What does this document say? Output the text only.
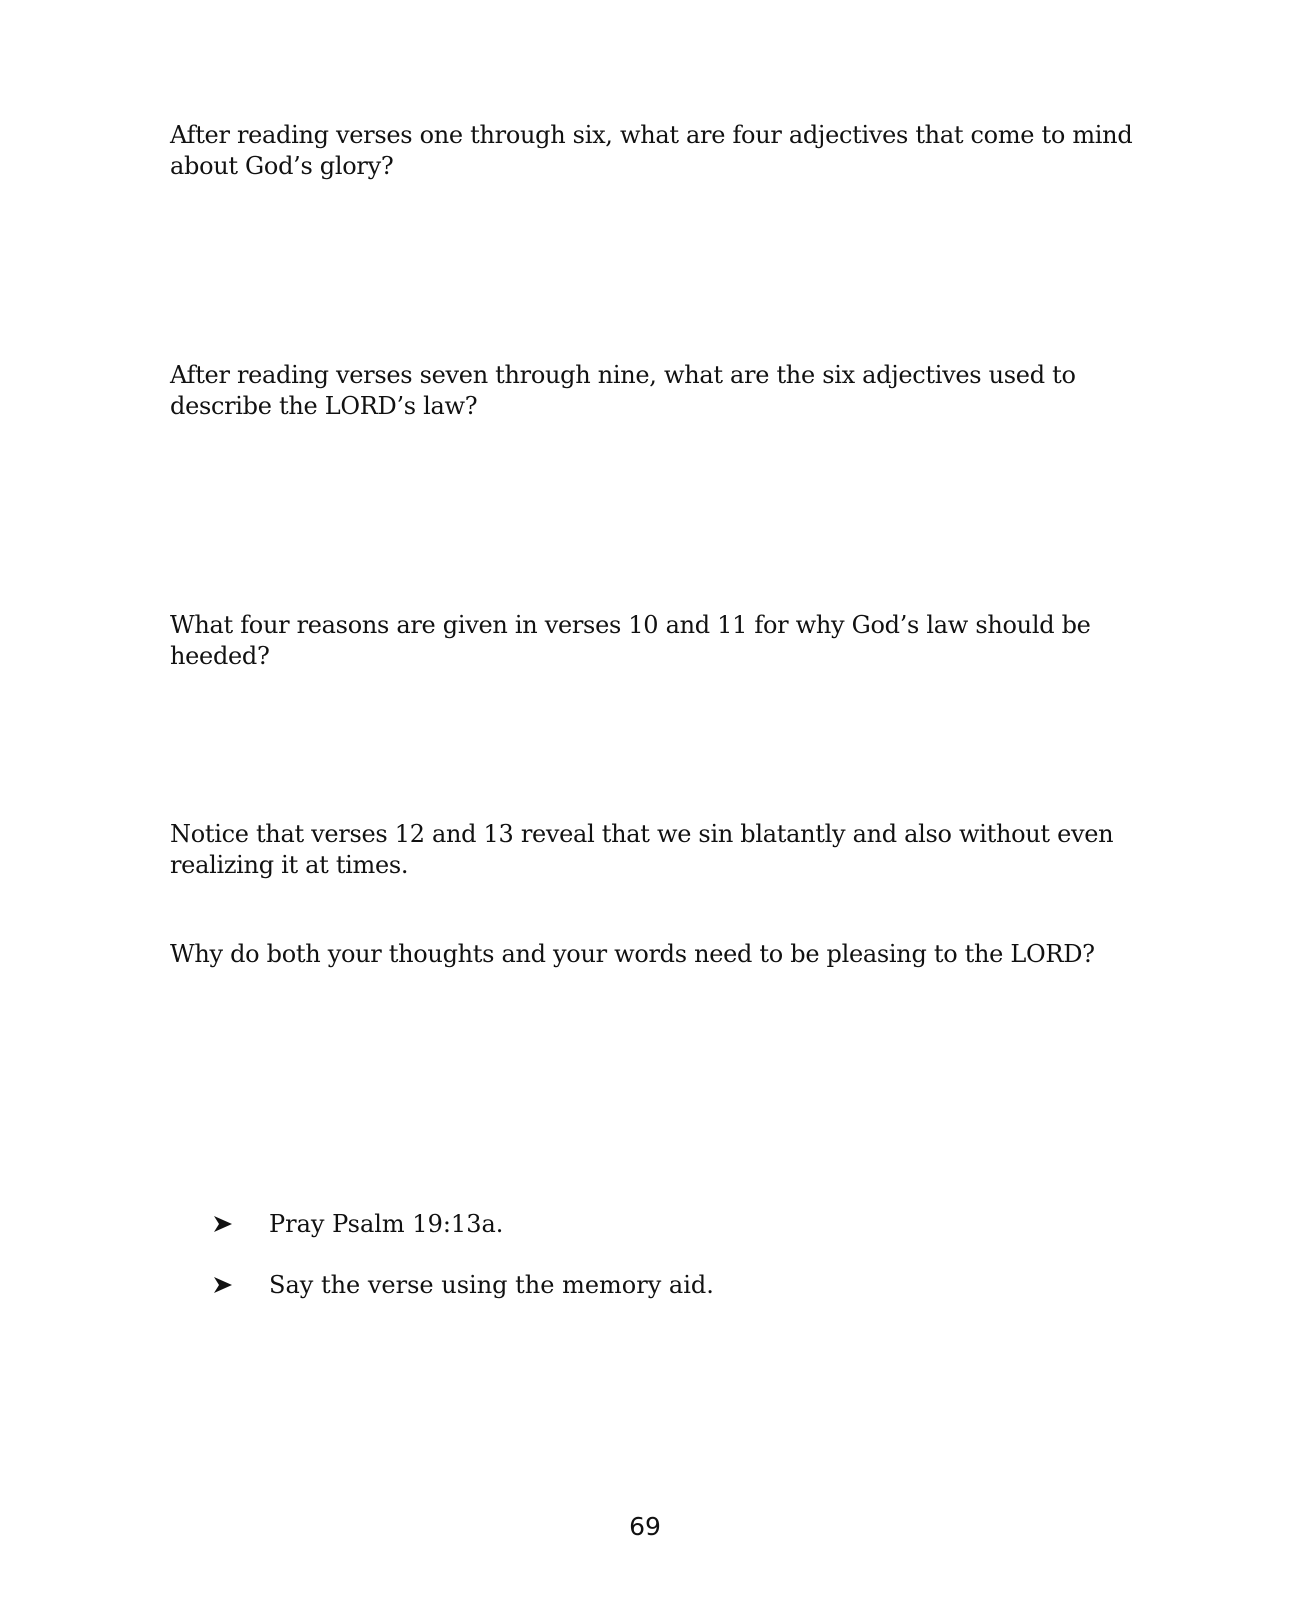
After reading verses one through six, what are four adjectives that come to mind about God’s glory?

After reading verses seven through nine, what are the six adjectives used to describe the LORD’s law?

What four reasons are given in verses 10 and 11 for why God’s law should be heeded?

Notice that verses 12 and 13 reveal that we sin blatantly and also without even realizing it at times.

Why do both your thoughts and your words need to be pleasing to the LORD?

Pray Psalm 19:13a.
Say the verse using the memory aid.
69
